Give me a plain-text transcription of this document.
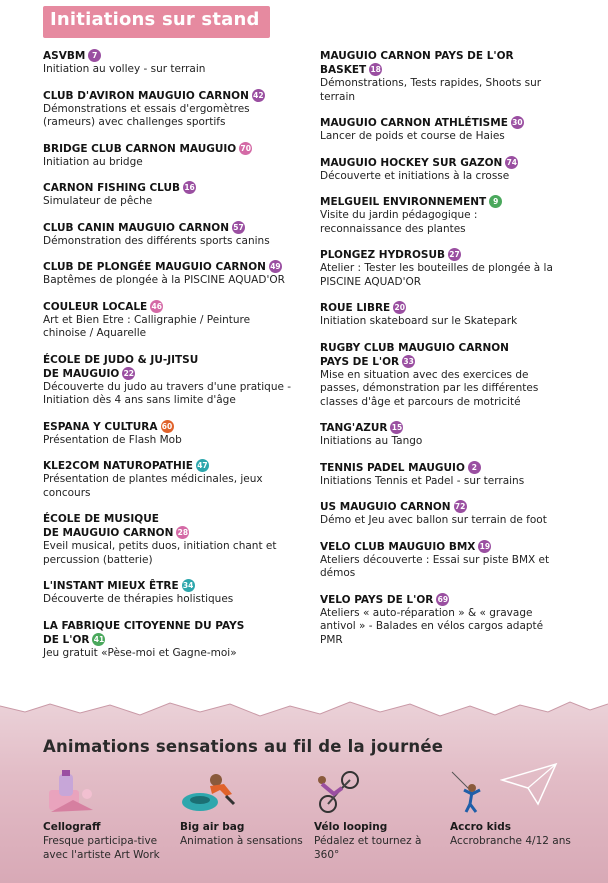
Initiations sur stand
ASVBM 7
Initiation au volley - sur terrain
CLUB D'AVIRON MAUGUIO CARNON 42
Démonstrations et essais d'ergomètres (rameurs) avec challenges sportifs
BRIDGE CLUB CARNON MAUGUIO 70
Initiation au bridge
CARNON FISHING CLUB 16
Simulateur de pêche
CLUB CANIN MAUGUIO CARNON 57
Démonstration des différents sports canins
CLUB DE PLONGÉE MAUGUIO CARNON 49
Baptêmes de plongée à la PISCINE AQUAD'OR
COULEUR LOCALE 46
Art et Bien Etre : Calligraphie / Peinture chinoise / Aquarelle
ÉCOLE DE JUDO & JU-JITSU
DE MAUGUIO 22
Découverte du judo au travers d'une pratique - Initiation dès 4 ans sans limite d'âge
ESPANA Y CULTURA 60
Présentation de Flash Mob
KLE2COM NATUROPATHIE 47
Présentation de plantes médicinales, jeux concours
ÉCOLE DE MUSIQUE
DE MAUGUIO CARNON 28
Eveil musical, petits duos, initiation chant et percussion (batterie)
L'INSTANT MIEUX ÊTRE 34
Découverte de thérapies holistiques
LA FABRIQUE CITOYENNE DU PAYS
DE L'OR 41
Jeu gratuit «Pèse-moi et Gagne-moi»
MAUGUIO CARNON PAYS DE L'OR
BASKET 18
Démonstrations, Tests rapides, Shoots sur terrain
MAUGUIO CARNON ATHLÉTISME 30
Lancer de poids et course de Haies
MAUGUIO HOCKEY SUR GAZON 74
Découverte et initiations à la crosse
MELGUEIL ENVIRONNEMENT 9
Visite du jardin pédagogique : reconnaissance des plantes
PLONGEZ HYDROSUB 27
Atelier : Tester les bouteilles de plongée à la PISCINE AQUAD'OR
ROUE LIBRE 20
Initiation skateboard sur le Skatepark
RUGBY CLUB MAUGUIO CARNON
PAYS DE L'OR 33
Mise en situation avec des exercices de passes, démonstration par les différentes classes d'âge et parcours de motricité
TANG'AZUR 15
Initiations au Tango
TENNIS PADEL MAUGUIO 2
Initiations Tennis et Padel - sur terrains
US MAUGUIO CARNON 72
Démo et Jeu avec ballon sur terrain de foot
VELO CLUB MAUGUIO BMX 19
Ateliers découverte : Essai sur piste BMX et démos
VELO PAYS DE L'OR 69
Ateliers « auto-réparation » & « gravage antivol » - Balades en vélos cargos adapté PMR
Animations sensations au fil de la journée
Cellograff
Fresque participa-tive avec l'artiste Art Work
Big air bag
Animation à sensations
Vélo looping
Pédalez et tournez à 360°
Accro kids
Accrobranche 4/12 ans
